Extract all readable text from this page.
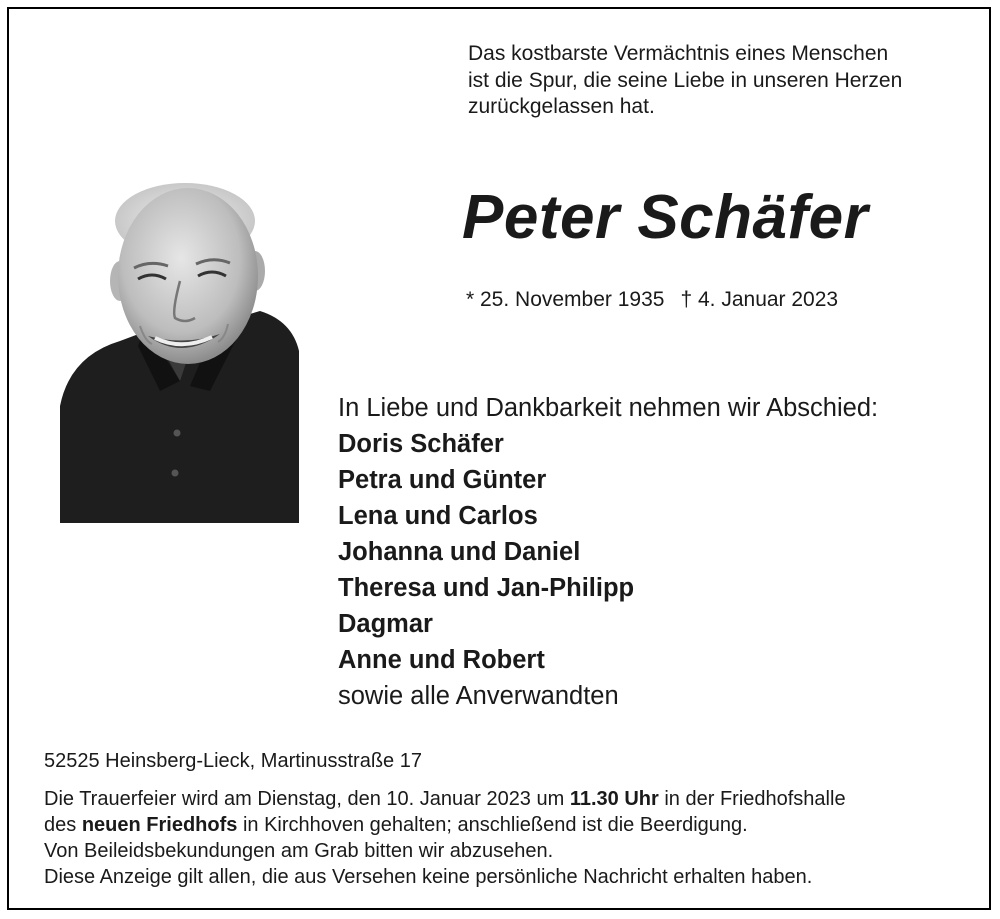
Das kostbarste Vermächtnis eines Menschen
ist die Spur, die seine Liebe in unseren Herzen
zurückgelassen hat.
Peter Schäfer
* 25. November 1935 † 4. Januar 2023
In Liebe und Dankbarkeit nehmen wir Abschied:
Doris Schäfer
Petra und Günter
Lena und Carlos
Johanna und Daniel
Theresa und Jan-Philipp
Dagmar
Anne und Robert
sowie alle Anverwandten
52525 Heinsberg-Lieck, Martinusstraße 17
Die Trauerfeier wird am Dienstag, den 10. Januar 2023 um 11.30 Uhr in der Friedhofshalle
des neuen Friedhofs in Kirchhoven gehalten; anschließend ist die Beerdigung.
Von Beileidsbekundungen am Grab bitten wir abzusehen.
Diese Anzeige gilt allen, die aus Versehen keine persönliche Nachricht erhalten haben.
